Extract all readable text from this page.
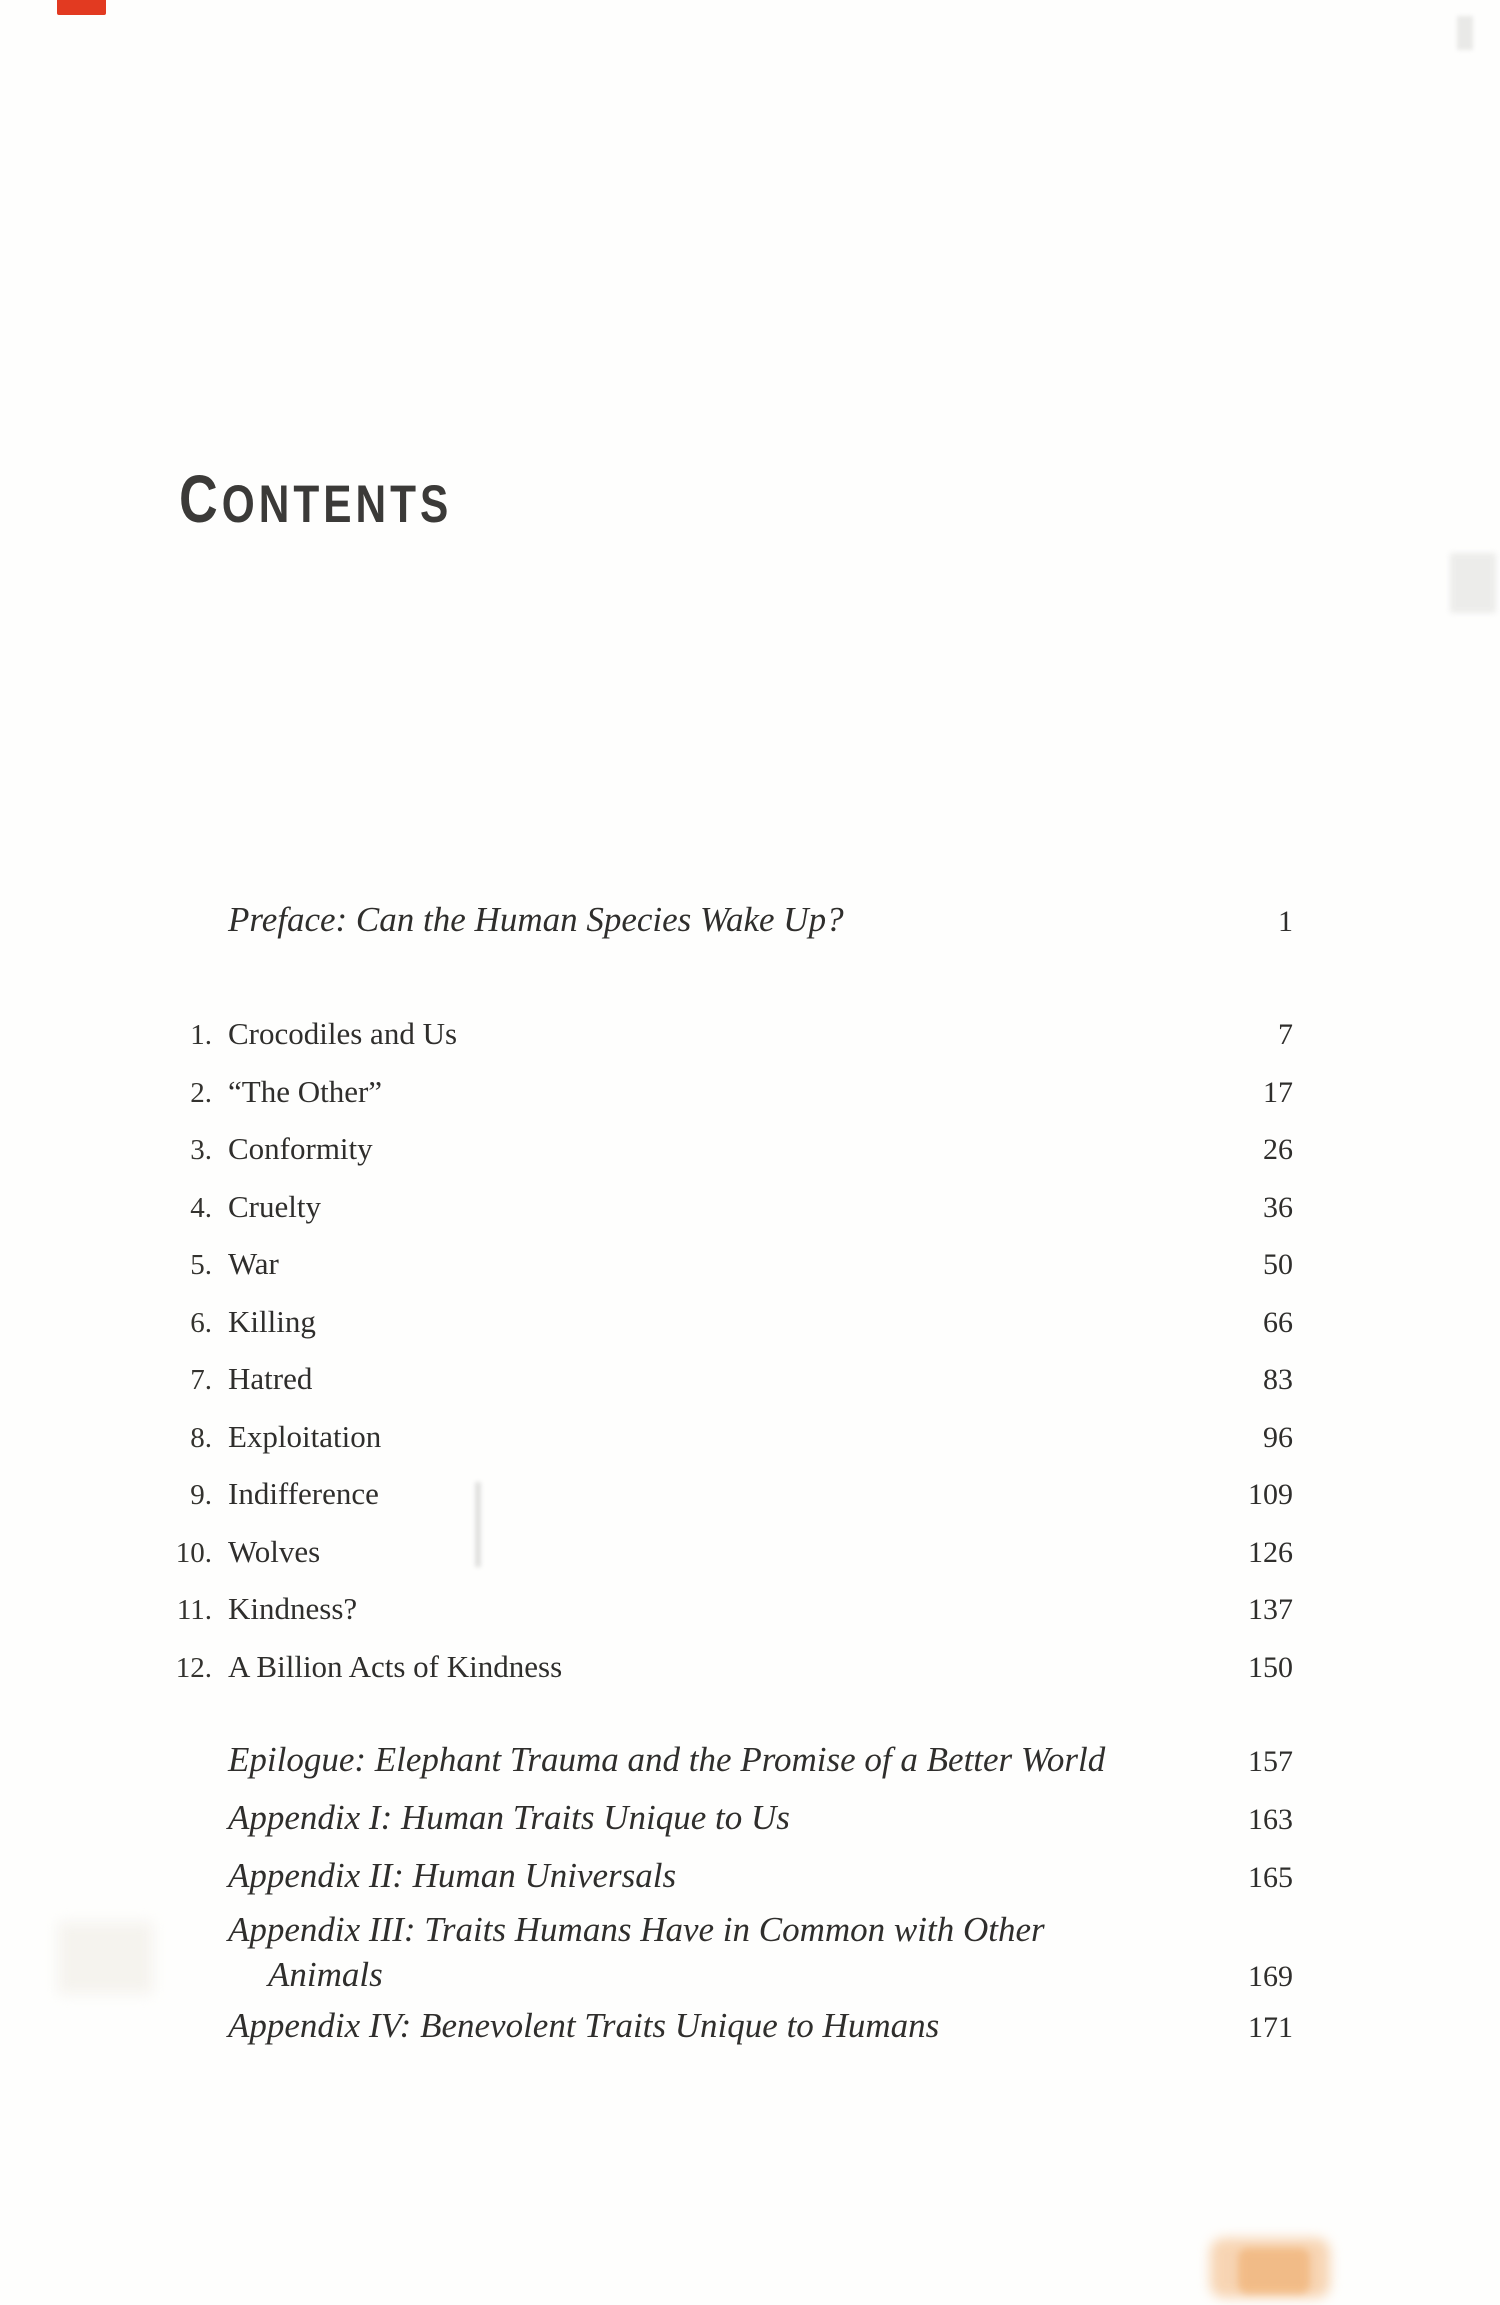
CONTENTS
Preface: Can the Human Species Wake Up?	1
1. Crocodiles and Us	7
2. “The Other”	17
3. Conformity	26
4. Cruelty	36
5. War	50
6. Killing	66
7. Hatred	83
8. Exploitation	96
9. Indifference	109
10. Wolves	126
11. Kindness?	137
12. A Billion Acts of Kindness	150
Epilogue: Elephant Trauma and the Promise of a Better World	157
Appendix I: Human Traits Unique to Us	163
Appendix II: Human Universals	165
Appendix III: Traits Humans Have in Common with Other
Animals	169
Appendix IV: Benevolent Traits Unique to Humans	171
